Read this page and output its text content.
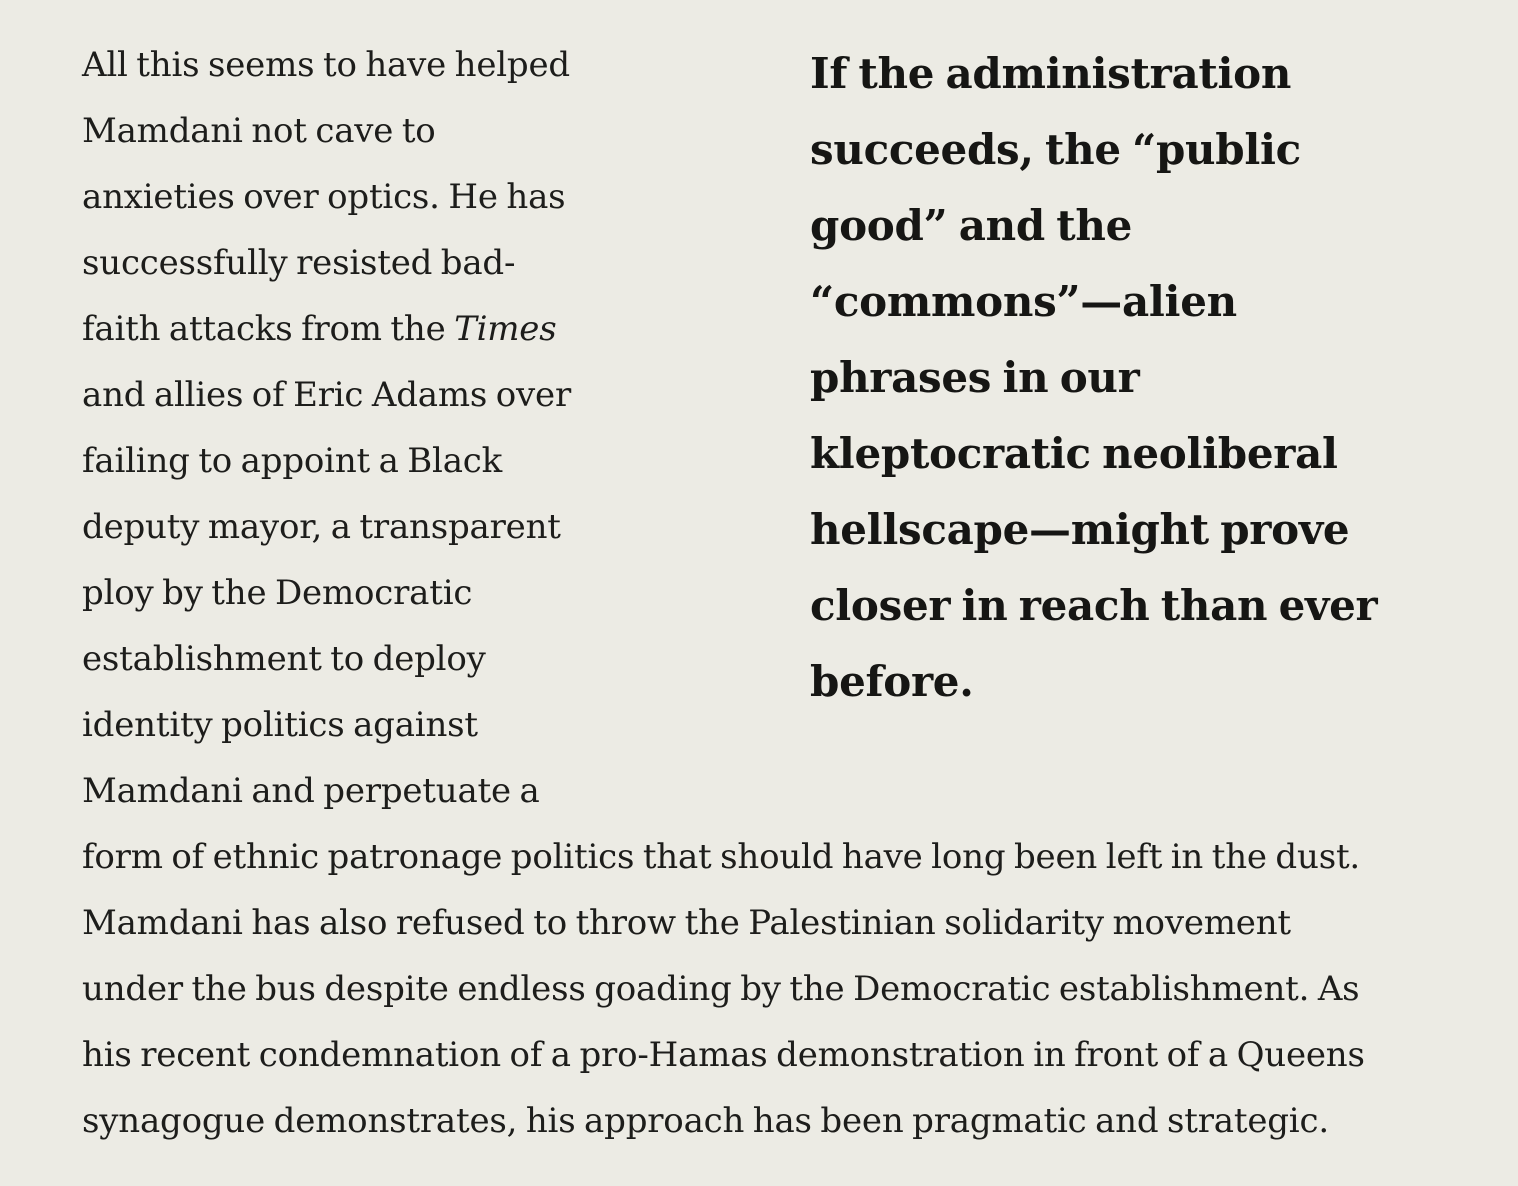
All this seems to have helped
Mamdani not cave to
anxieties over optics. He has
successfully resisted bad-
faith attacks from the Times
and allies of Eric Adams over
failing to appoint a Black
deputy mayor, a transparent
ploy by the Democratic
establishment to deploy
identity politics against
Mamdani and perpetuate a
form of ethnic patronage politics that should have long been left in the dust.
Mamdani has also refused to throw the Palestinian solidarity movement
under the bus despite endless goading by the Democratic establishment. As
his recent condemnation of a pro-Hamas demonstration in front of a Queens
synagogue demonstrates, his approach has been pragmatic and strategic.
If the administration
succeeds, the “public
good” and the
“commons”—alien
phrases in our
kleptocratic neoliberal
hellscape—might prove
closer in reach than ever
before.
